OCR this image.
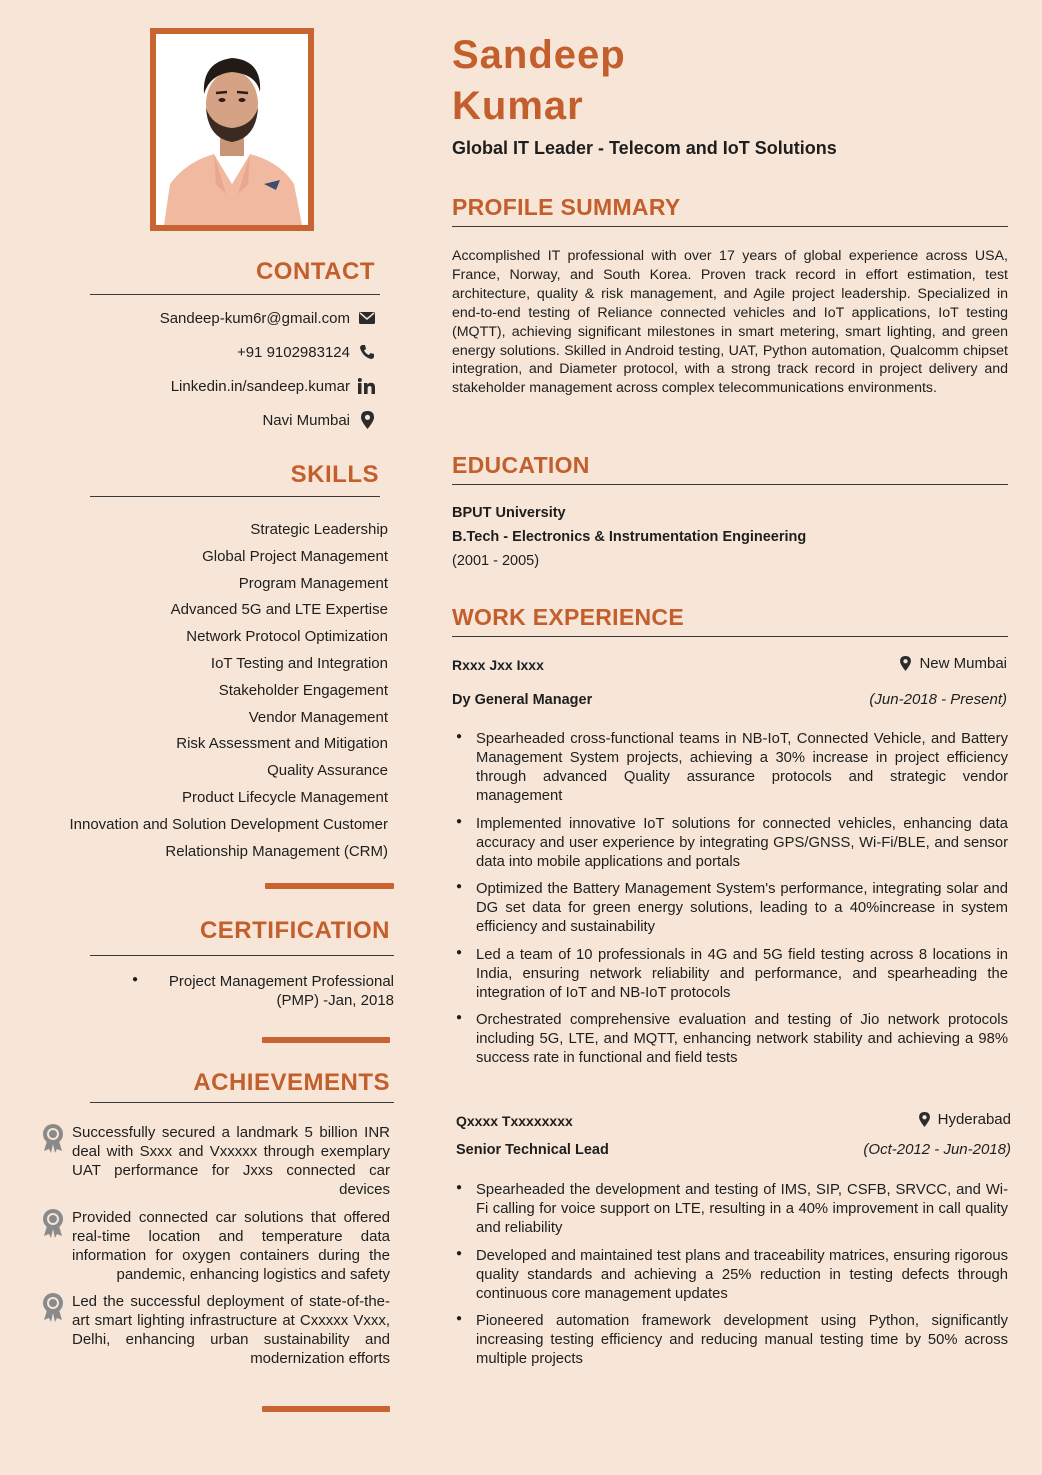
CONTACT
Sandeep-kum6r@gmail.com
+91 9102983124
Linkedin.in/sandeep.kumar
Navi Mumbai
SKILLS
Strategic Leadership
Global Project Management
Program Management
Advanced 5G and LTE Expertise
Network Protocol Optimization
IoT Testing and Integration
Stakeholder Engagement
Vendor Management
Risk Assessment and Mitigation
Quality Assurance
Product Lifecycle Management
Innovation and Solution Development Customer
Relationship Management (CRM)
CERTIFICATION
●	Project Management Professional
(PMP) -Jan, 2018
ACHIEVEMENTS
Successfully secured a landmark 5 billion INR deal with Sxxx and Vxxxxx through exemplary UAT performance for Jxxs connected car devices
Provided connected car solutions that offered real-time location and temperature data information for oxygen containers during the pandemic, enhancing logistics and safety
Led the successful deployment of state-of-the-art smart lighting infrastructure at Cxxxxx Vxxx, Delhi, enhancing urban sustainability and modernization efforts
Sandeep
Kumar
Global IT Leader - Telecom and IoT Solutions
PROFILE SUMMARY
Accomplished IT professional with over 17 years of global experience across USA, France, Norway, and South Korea. Proven track record in effort estimation, test architecture, quality & risk management, and Agile project leadership. Specialized in end-to-end testing of Reliance connected vehicles and IoT applications, IoT testing (MQTT), achieving significant milestones in smart metering, smart lighting, and green energy solutions. Skilled in Android testing, UAT, Python automation, Qualcomm chipset integration, and Diameter protocol, with a strong track record in project delivery and stakeholder management across complex telecommunications environments.
EDUCATION
BPUT University
B.Tech - Electronics & Instrumentation Engineering
(2001 - 2005)
WORK EXPERIENCE
Rxxx Jxx Ixxx	New Mumbai
Dy General Manager	(Jun-2018 - Present)
● Spearheaded cross-functional teams in NB-IoT, Connected Vehicle, and Battery Management System projects, achieving a 30% increase in project efficiency through advanced Quality assurance protocols and strategic vendor management
● Implemented innovative IoT solutions for connected vehicles, enhancing data accuracy and user experience by integrating GPS/GNSS, Wi-Fi/BLE, and sensor data into mobile applications and portals
● Optimized the Battery Management System's performance, integrating solar and DG set data for green energy solutions, leading to a 40%increase in system efficiency and sustainability
● Led a team of 10 professionals in 4G and 5G field testing across 8 locations in India, ensuring network reliability and performance, and spearheading the integration of IoT and NB-IoT protocols
● Orchestrated comprehensive evaluation and testing of Jio network protocols including 5G, LTE, and MQTT, enhancing network stability and achieving a 98% success rate in functional and field tests
Qxxxx Txxxxxxxx	Hyderabad
Senior Technical Lead	(Oct-2012 - Jun-2018)
● Spearheaded the development and testing of IMS, SIP, CSFB, SRVCC, and Wi-Fi calling for voice support on LTE, resulting in a 40% improvement in call quality and reliability
● Developed and maintained test plans and traceability matrices, ensuring rigorous quality standards and achieving a 25% reduction in testing defects through continuous core management updates
● Pioneered automation framework development using Python, significantly increasing testing efficiency and reducing manual testing time by 50% across multiple projects
